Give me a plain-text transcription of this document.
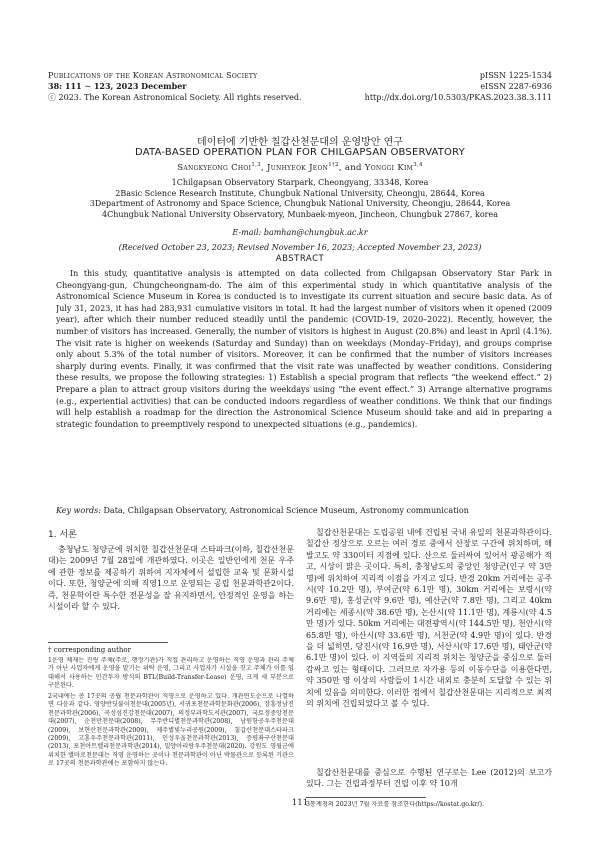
Publications of the Korean Astronomical Society
38: 111 ∼ 123, 2023 December
ⓒ 2023. The Korean Astronomical Society. All rights reserved.
pISSN 1225-1534
eISSN 2287-6936
http://dx.doi.org/10.5303/PKAS.2023.38.3.111
데이터에 기반한 칠갑산천문대의 운영방안 연구
DATA-BASED OPERATION PLAN FOR CHILGAPSAN OBSERVATORY
Sangkyeong Choi$^{1,3}$, Junhyeok Jeon$^{1\dagger 2}$, and Yonggi Kim$^{3,4}$
1Chilgapsan Observatory Starpark, Cheongyang, 33348, Korea
2Basic Science Research Institute, Chungbuk National University, Cheongju, 28644, Korea
3Department of Astronomy and Space Science, Chungbuk National University, Cheongju, 28644, Korea
4Chungbuk National University Observatory, Munbaek-myeon, Jincheon, Chungbuk 27867, korea
E-mail: bamhan@chungbuk.ac.kr
(Received October 23, 2023; Revised November 16, 2023; Accepted November 23, 2023)
ABSTRACT
In this study, quantitative analysis is attempted on data collected from Chilgapsan Observatory Star Park in Cheongyang-gun, Chungcheongnam-do. The aim of this experimental study in which quantitative analysis of the Astronomical Science Museum in Korea is conducted is to investigate its current situation and secure basic data. As of July 31, 2023, it has had 283,931 cumulative visitors in total. It had the largest number of visitors when it opened (2009 year), after which their number reduced steadily until the pandemic (COVID-19, 2020–2022). Recently, however, the number of visitors has increased. Generally, the number of visitors is highest in August (20.8%) and least in April (4.1%). The visit rate is higher on weekends (Saturday and Sunday) than on weekdays (Monday–Friday), and groups comprise only about 5.3% of the total number of visitors. Moreover, it can be confirmed that the number of visitors increases sharply during events. Finally, it was confirmed that the visit rate was unaffected by weather conditions. Considering these results, we propose the following strategies: 1) Establish a special program that reflects “the weekend effect.” 2) Prepare a plan to attract group visitors during the weekdays using “the event effect.” 3) Arrange alternative programs (e.g., experiential activities) that can be conducted indoors regardless of weather conditions. We think that our findings will help establish a roadmap for the direction the Astronomical Science Museum should take and aid in preparing a strategic foundation to preemptively respond to unexpected situations (e.g., pandemics).
1. 서론

충청남도 청양군에 위치한 칠갑산천문대 스타파크(이하, 칠갑산천문대)는 2009년 7월 28일에 개관하였다. 이곳은 일반인에게 천문 우주에 관한 정보를 제공하기 위하여 지자체에서 설립한 교육 및 문화시설이다. 또한, 청양군에 의해 직영1으로 운영되는 공립 천문과학관2이다. 즉, 천문학이란 특수한 전문성을 잘 유지하면서, 안정적인 운영을 하는 시설이라 할 수 있다.

† corresponding author

1운영 체제는 진링 주체(주로, 행정기관)가 직접 관리하고 운영하는 직영 운영과 관리 주체가 아닌 사업자에게 운영을 맡기는 위탁 운영, 그리고 사업자가 시설을 짓고 주체가 이를 임대해서 사용하는 민간투자 방식의 BTL(Build-Transfer-Lease) 운영, 크게 세 부분으로 구분된다.

2국내에는 총 17곳의 공립 천문과학관이 직영으로 운영하고 있다. 개관연도순으로 나열하면 다음과 같다. 영양반딧불이천문대(2005년), 서귀포천문과학문화관(2006), 장흥정남진천문과학관(2006), 곡성섬진강천문대(2007), 의정부과학도서관(2007), 국토정중앙천문대(2007), 순천만천문대(2008), 무주반디별천문과학관(2008), 남원항공우주천문대(2009), 보현산천문과학관(2009), 제주별빛누리공원(2009), 칠갑산천문대스타파크(2009), 고흥우주천문과학관(2011), 인성우울천문과학관(2013), 증평좌구산천문대(2013), 포천아트밸리천문과학관(2014), 밀양아리랑우주천문대(2020). 강원도 영월군에 위치한 별마로천문대는 직영 운영하는 곳이나 천문과학관이 아닌 박물관으로 등록된 기관으로 17곳의 천문과학관에는 포함하지 않는다.

칠갑산천문대는 도립공원 내에 건립된 국내 유일의 천문과학관이다. 칠갑산 정상으로 오르는 여러 경로 중에서 산장로 구간에 위치하며, 해발고도 약 330미터 지점에 있다. 산으로 둘러싸여 있어서 광공해가 적고, 시상이 맑은 곳이다. 특히, 충청남도의 중앙인 청양군(인구 약 3만 명)에 위치하여 지리적 이점을 가지고 있다. 반경 20km 거리에는 공주시(약 10.2만 명), 부여군(약 6.1만 명), 30km 거리에는 보령시(약 9.6만 명), 홍성군(약 9.6만 명), 예산군(약 7.8만 명), 그리고 40km 거리에는 세종시(약 38.6만 명), 논산시(약 11.1만 명), 계룡시(약 4.5만 명)가 있다. 50km 거리에는 대전광역시(약 144.5만 명), 천안시(약 65.8만 명), 아산시(약 33.6만 명), 서천군(약 4.9만 명)이 있다. 반경을 더 넓히면, 당진시(약 16.9만 명), 서산시(약 17.6만 명), 태안군(약 6.1만 명)이 있다. 이 지역들의 지리적 위치는 청양군을 중심으로 둘러 감싸고 있는 형태이다. 그러므로 자가용 등의 이동수단을 이용한다면, 약 350만 명 이상의 사람들이 1시간 내외로 충분히 도달할 수 있는 위치에 있음을 의미한다. 이러한 점에서 칠갑산천문대는 지리적으로 최적의 위치에 건립되었다고 볼 수 있다.

칠갑산천문대를 중심으로 수행된 연구로는 Lee (2012)의 보고가 있다. 그는 건립과정부터 건립 이후 약 10개

3통계청의 2023년 7월 자료를 참조한다(https://kostat.go.kr/).

Key words: Data, Chilgapsan Observatory, Astronomical Science Museum, Astronomy communication
111
